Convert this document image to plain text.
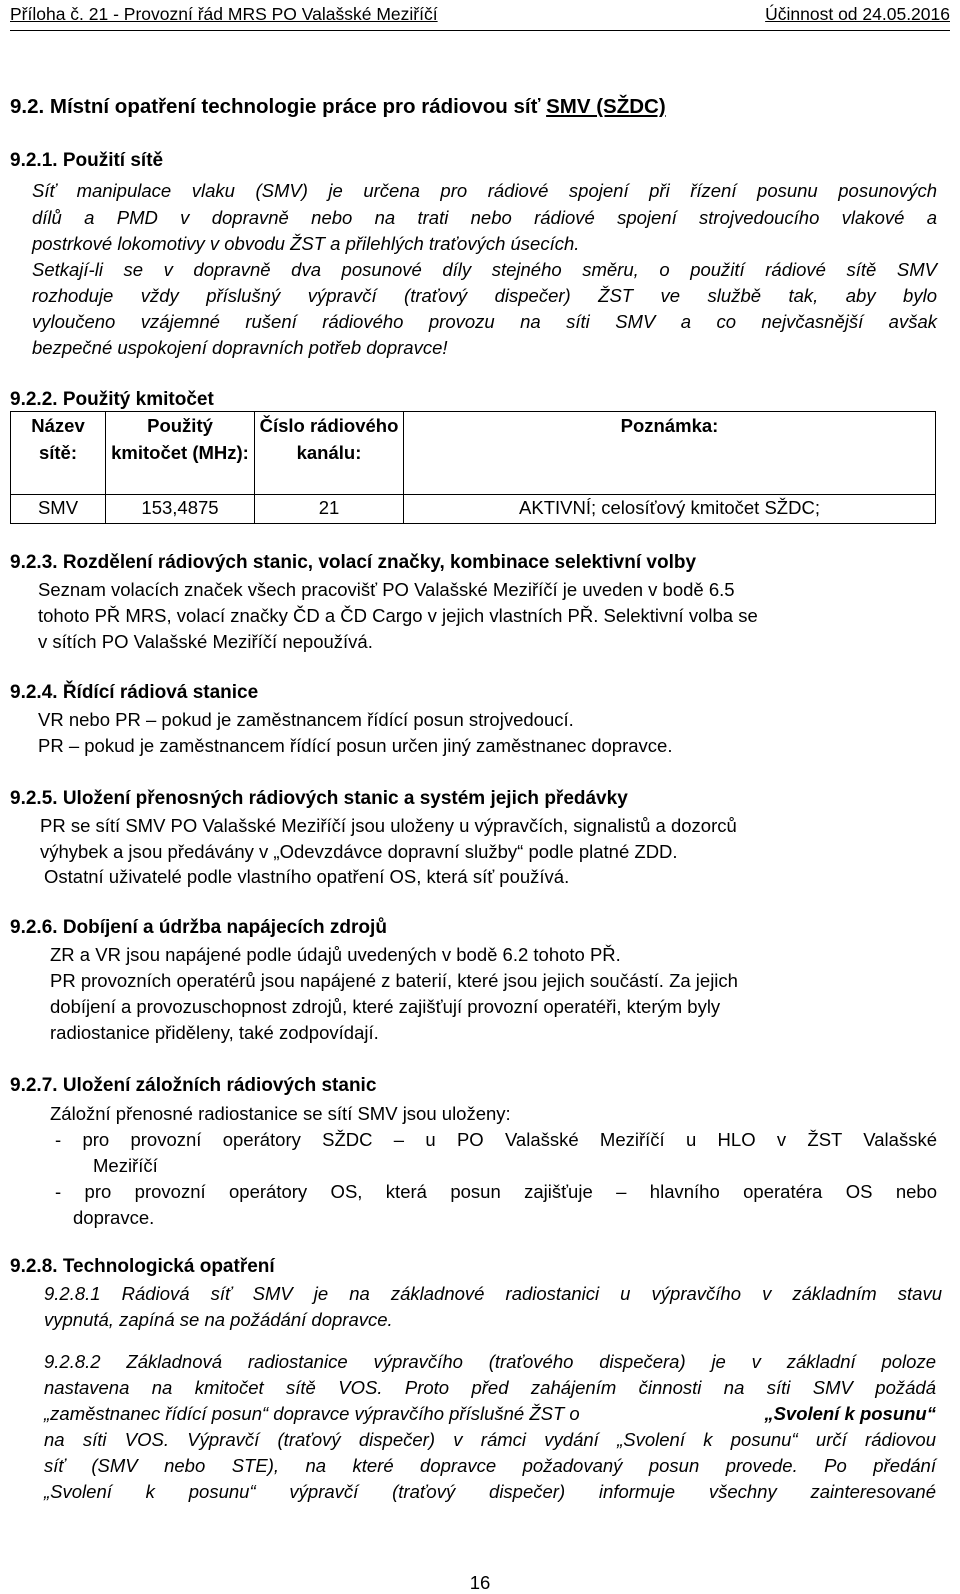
Příloha č. 21 - Provozní řád MRS PO Valašské Meziříčí	Účinnost od 24.05.2016
9.2. Místní opatření technologie práce pro rádiovou síť SMV (SŽDC)
9.2.1. Použití sítě
Síť manipulace vlaku (SMV) je určena pro rádiové spojení při řízení posunu posunových
dílů a PMD v dopravně nebo na trati nebo rádiové spojení strojvedoucího vlakové a
postrkové lokomotivy v obvodu ŽST a přilehlých traťových úsecích.
Setkají-li se v dopravně dva posunové díly stejného směru, o použití rádiové sítě SMV
rozhoduje vždy příslušný výpravčí (traťový dispečer) ŽST ve službě tak, aby bylo
vyloučeno vzájemné rušení rádiového provozu na síti SMV a co nejvčasnější avšak
bezpečné uspokojení dopravních potřeb dopravce!
9.2.2. Použitý kmitočet
Název sítě:	Použitý kmitočet (MHz):	Číslo rádiového kanálu:	Poznámka:
SMV	153,4875	21	AKTIVNÍ; celosíťový kmitočet SŽDC;
9.2.3. Rozdělení rádiových stanic, volací značky, kombinace selektivní volby
Seznam volacích značek všech pracovišť PO Valašské Meziříčí je uveden v bodě 6.5
tohoto PŘ MRS, volací značky ČD a ČD Cargo v jejich vlastních PŘ. Selektivní volba se
v sítích PO Valašské Meziříčí nepoužívá.
9.2.4. Řídící rádiová stanice
VR nebo PR – pokud je zaměstnancem řídící posun strojvedoucí.
PR – pokud je zaměstnancem řídící posun určen jiný zaměstnanec dopravce.
9.2.5. Uložení přenosných rádiových stanic a systém jejich předávky
PR se sítí SMV PO Valašské Meziříčí jsou uloženy u výpravčích, signalistů a dozorců
výhybek a jsou předávány v „Odevzdávce dopravní služby“ podle platné ZDD.
Ostatní uživatelé podle vlastního opatření OS, která síť používá.
9.2.6. Dobíjení a údržba napájecích zdrojů
ZR a VR jsou napájené podle údajů uvedených v bodě 6.2 tohoto PŘ.
PR provozních operatérů jsou napájené z baterií, které jsou jejich součástí. Za jejich
dobíjení a provozuschopnost zdrojů, které zajišťují provozní operatéři, kterým byly
radiostanice přiděleny, také zodpovídají.
9.2.7. Uložení záložních rádiových stanic
Záložní přenosné radiostanice se sítí SMV jsou uloženy:
- pro provozní operátory SŽDC – u PO Valašské Meziříčí u HLO v ŽST Valašské
Meziříčí
- pro provozní operátory OS, která posun zajišťuje – hlavního operatéra OS nebo
dopravce.
9.2.8. Technologická opatření
9.2.8.1 Rádiová síť SMV je na základnové radiostanici u výpravčího v základním stavu
vypnutá, zapíná se na požádání dopravce.
9.2.8.2 Základnová radiostanice výpravčího (traťového dispečera) je v základní poloze
nastavena na kmitočet sítě VOS. Proto před zahájením činnosti na síti SMV požádá
„zaměstnanec řídící posun“ dopravce výpravčího příslušné ŽST o	„Svolení k posunu“
na síti VOS. Výpravčí (traťový dispečer) v rámci vydání „Svolení k posunu“ určí rádiovou
síť (SMV nebo STE), na které dopravce požadovaný posun provede. Po předání
„Svolení k posunu“ výpravčí (traťový dispečer) informuje všechny zainteresované
16
